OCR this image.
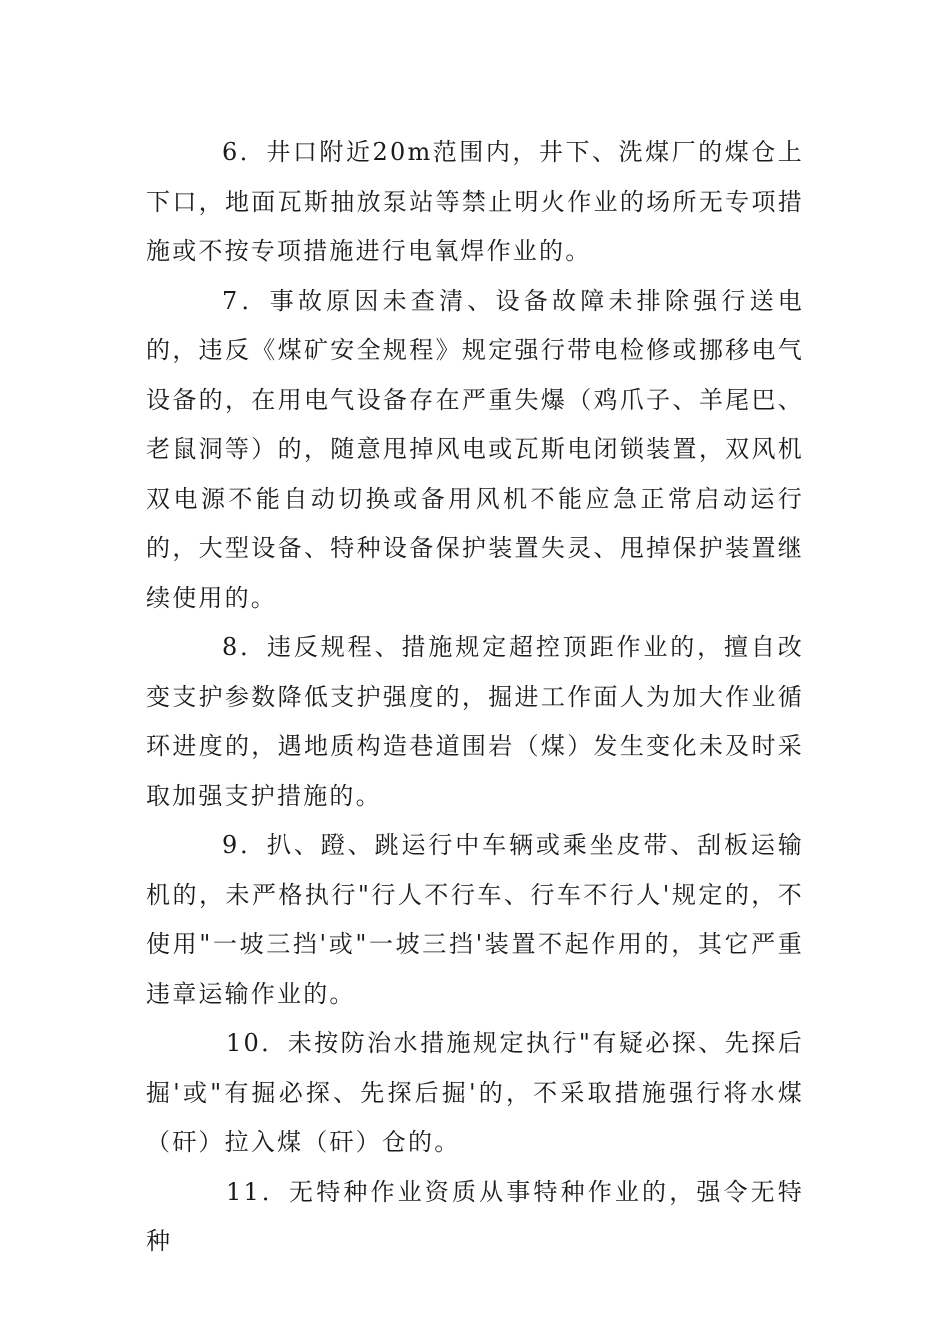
6．井口附近20m范围内，井下、洗煤厂的煤仓上下口，地面瓦斯抽放泵站等禁止明火作业的场所无专项措施或不按专项措施进行电氧焊作业的。

7．事故原因未查清、设备故障未排除强行送电的，违反《煤矿安全规程》规定强行带电检修或挪移电气设备的，在用电气设备存在严重失爆（鸡爪子、羊尾巴、老鼠洞等）的，随意甩掉风电或瓦斯电闭锁装置，双风机双电源不能自动切换或备用风机不能应急正常启动运行的，大型设备、特种设备保护装置失灵、甩掉保护装置继续使用的。

8．违反规程、措施规定超控顶距作业的，擅自改变支护参数降低支护强度的，掘进工作面人为加大作业循环进度的，遇地质构造巷道围岩（煤）发生变化未及时采取加强支护措施的。

9．扒、蹬、跳运行中车辆或乘坐皮带、刮板运输机的，未严格执行"行人不行车、行车不行人'规定的，不使用"一坡三挡'或"一坡三挡'装置不起作用的，其它严重违章运输作业的。

10．未按防治水措施规定执行"有疑必探、先探后掘'或"有掘必探、先探后掘'的，不采取措施强行将水煤（矸）拉入煤（矸）仓的。

11．无特种作业资质从事特种作业的，强令无特种
